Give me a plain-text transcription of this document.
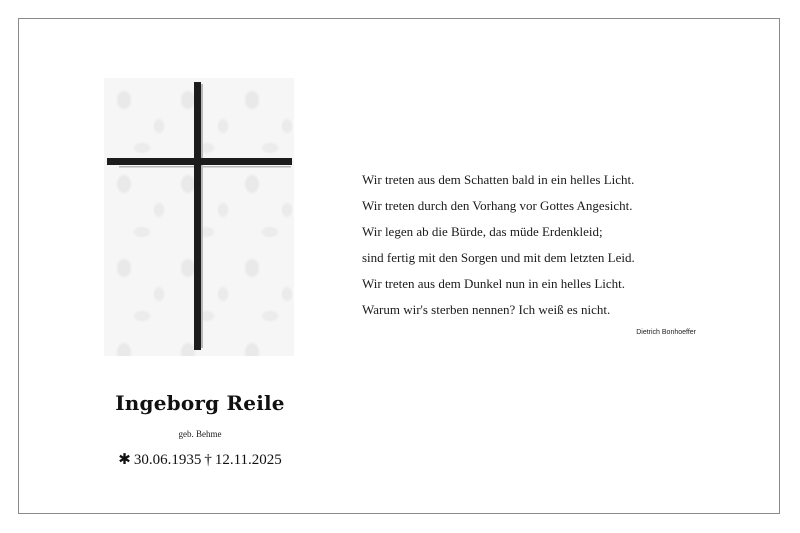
Ingeborg Reile
geb. Behme
✱ 30.06.1935 † 12.11.2025
Wir treten aus dem Schatten bald in ein helles Licht.
Wir treten durch den Vorhang vor Gottes Angesicht.
Wir legen ab die Bürde, das müde Erdenkleid;
sind fertig mit den Sorgen und mit dem letzten Leid.
Wir treten aus dem Dunkel nun in ein helles Licht.
Warum wir's sterben nennen? Ich weiß es nicht.
Dietrich Bonhoeffer
